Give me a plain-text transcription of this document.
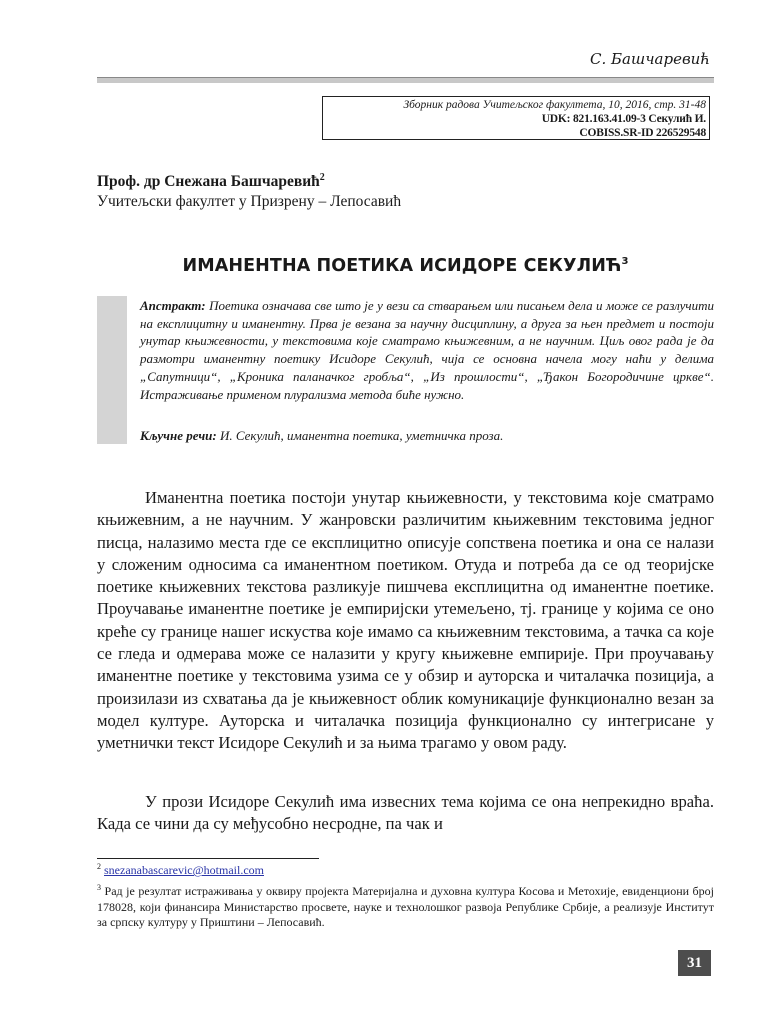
С. Башчаревић
Зборник радова Учитељског факултета, 10, 2016, стр. 31-48
UDK: 821.163.41.09-3 Секулић И.
COBISS.SR-ID 226529548
Проф. др Снежана Башчаревић$^2$
Учитељски факултет у Призрену – Лепосавић
ИМАНЕНТНА ПОЕТИКА ИСИДОРЕ СЕКУЛИЋ$^3$
Апстракт: Поетика означава све што је у вези са стварањем или писањем дела и може се разлучити на експлицитну и иманентну. Прва је везана за научну дисциплину, а друга за њен предмет и постоји унутар књижевности, у текстовима које сматрамо књижевним, а не научним. Циљ овог рада је да размотри иманентну поетику Исидоре Секулић, чија се основна начела могу наћи у делима „Сапутници“, „Кроника паланачког гробља“, „Из прошлости“, „Ђакон Богородичине цркве“. Истраживање применом плурализма метода биће нужно.
Кључне речи: И. Секулић, иманентна поетика, уметничка проза.

Иманентна поетика постоји унутар књижевности, у текстовима које сматрамо књижевним, а не научним. У жанровски различитим књижевним текстовима једног писца, налазимо места где се експлицитно описује сопствена поетика и она се налази у сложеним односима са иманентном поетиком. Отуда и потреба да се од теоријске поетике књижевних текстова разликује пишчева експлицитна од иманентне поетике. Проучавање иманентне поетике је емпиријски утемељено, тј. границе у којима се оно креће су границе нашег искуства које имамо са књижевним текстовима, а тачка са које се гледа и одмерава може се налазити у кругу књижевне емпирије. При проучавању иманентне поетике у текстовима узима се у обзир и ауторска и читалачка позиција, а произилази из схватања да је књижевност облик комуникације функционално везан за модел културе. Ауторска и читалачка позиција функционално су интегрисане у уметнички текст Исидоре Секулић и за њима трагамо у овом раду.

У прози Исидоре Секулић има извесних тема којима се она непрекидно враћа. Када се чини да су међусобно несродне, па чак и

$^2$ snezanabascarevic@hotmail.com
$^3$ Рад је резултат истраживања у оквиру пројекта Материјална и духовна култура Косова и Метохије, евиденциони број 178028, који финансира Министарство просвете, науке и технолошког развоја Републике Србије, а реализује Институт за српску културу у Приштини – Лепосавић.
31
